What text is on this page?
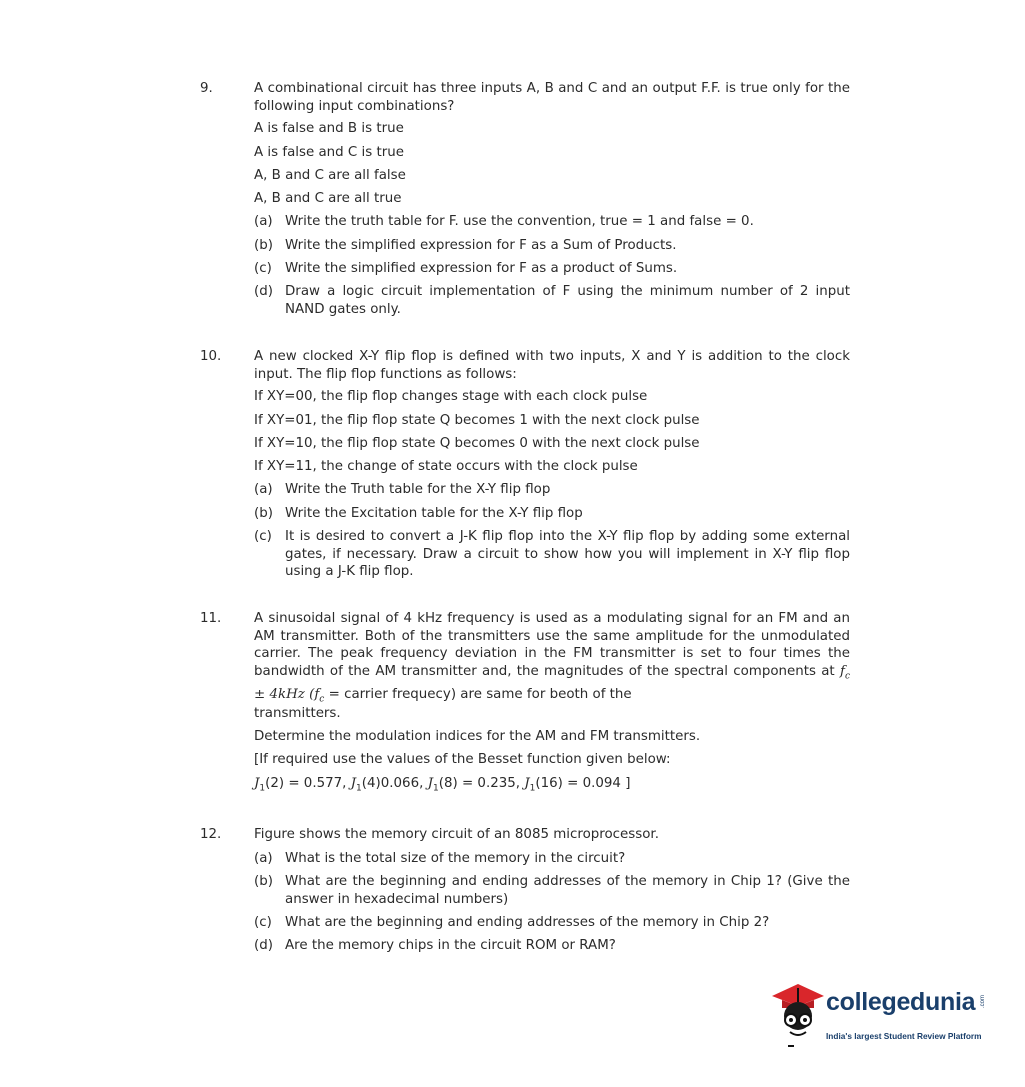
9.	A combinational circuit has three inputs A, B and C and an output F.F. is true only for the following input combinations?
A is false and B is true
A is false and C is true
A, B and C are all false
A, B and C are all true
(a) Write the truth table for F. use the convention, true = 1 and false = 0.
(b) Write the simplified expression for F as a Sum of Products.
(c) Write the simplified expression for F as a product of Sums.
(d) Draw a logic circuit implementation of F using the minimum number of 2 input NAND gates only.
10. A new clocked X-Y flip flop is defined with two inputs, X and Y is addition to the clock input. The flip flop functions as follows:
If XY=00, the flip flop changes stage with each clock pulse
If XY=01, the flip flop state Q becomes 1 with the next clock pulse
If XY=10, the flip flop state Q becomes 0 with the next clock pulse
If XY=11, the change of state occurs with the clock pulse
(a) Write the Truth table for the X-Y flip flop
(b) Write the Excitation table for the X-Y flip flop
(c) It is desired to convert a J-K flip flop into the X-Y flip flop by adding some external gates, if necessary. Draw a circuit to show how you will implement in X-Y flip flop using a J-K flip flop.
11. A sinusoidal signal of 4 kHz frequency is used as a modulating signal for an FM and an AM transmitter. Both of the transmitters use the same amplitude for the unmodulated carrier. The peak frequency deviation in the FM transmitter is set to four times the bandwidth of the AM transmitter and, the magnitudes of the spectral components at $f_c \pm 4kHz$ ($f_c$ = carrier frequecy) are same for beoth of the
transmitters.
Determine the modulation indices for the AM and FM transmitters.
[If required use the values of the Besset function given below:
$J_1(2) = 0.577$, $J_1(4)0.066$, $J_1(8) = 0.235$, $J_1(16) = 0.094$ ]
12. Figure shows the memory circuit of an 8085 microprocessor.
(a) What is the total size of the memory in the circuit?
(b) What are the beginning and ending addresses of the memory in Chip 1? (Give the answer in hexadecimal numbers)
(c) What are the beginning and ending addresses of the memory in Chip 2?
(d) Are the memory chips in the circuit ROM or RAM?
collegedunia .com
India's largest Student Review Platform
